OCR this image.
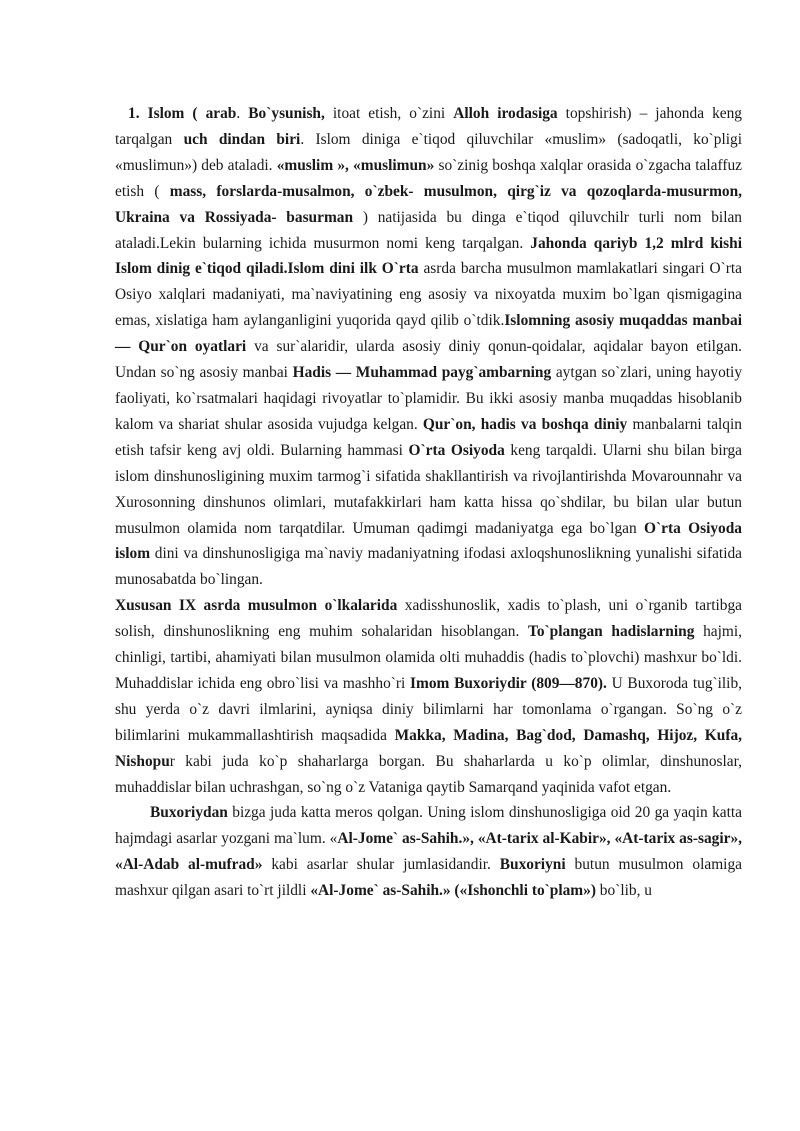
1. Islom ( arab. Bo`ysunish, itoat etish, o`zini Alloh irodasiga topshirish) – jahonda keng tarqalgan uch dindan biri. Islom diniga e`tiqod qiluvchilar «muslim» (sadoqatli, ko`pligi «muslimun») deb ataladi. «muslim », «muslimun» so`zinig boshqa xalqlar orasida o`zgacha talaffuz etish ( mass, forslarda-musalmon, o`zbek- musulmon, qirg`iz va qozoqlarda-musurmon, Ukraina va Rossiyada- basurman ) natijasida bu dinga e`tiqod qiluvchilr turli nom bilan ataladi.Lekin bularning ichida musurmon nomi keng tarqalgan. Jahonda qariyb 1,2 mlrd kishi Islom dinig e`tiqod qiladi.Islom dini ilk O`rta asrda barcha musulmon mamlakatlari singari O`rta Osiyo xalqlari madaniyati, ma`naviyatining eng asosiy va nixoyatda muxim bo`lgan qismigagina emas, xislatiga ham aylanganligini yuqorida qayd qilib o`tdik.Islomning asosiy muqaddas manbai — Qur`on oyatlari va sur`alaridir, ularda asosiy diniy qonun-qoidalar, aqidalar bayon etilgan. Undan so`ng asosiy manbai Hadis — Muhammad payg`ambarning aytgan so`zlari, uning hayotiy faoliyati, ko`rsatmalari haqidagi rivoyatlar to`plamidir. Bu ikki asosiy manba muqaddas hisoblanib kalom va shariat shular asosida vujudga kelgan. Qur`on, hadis va boshqa diniy manbalarni talqin etish tafsir keng avj oldi. Bularning hammasi O`rta Osiyoda keng tarqaldi. Ularni shu bilan birga islom dinshunosligining muxim tarmog`i sifatida shakllantirish va rivojlantirishda Movarounnahr va Xurosonning dinshunos olimlari, mutafakkirlari ham katta hissa qo`shdilar, bu bilan ular butun musulmon olamida nom tarqatdilar. Umuman qadimgi madaniyatga ega bo`lgan O`rta Osiyoda islom dini va dinshunosligiga ma`naviy madaniyatning ifodasi axloqshunoslikning yunalishi sifatida munosabatda bo`lingan.

Xususan IX asrda musulmon o`lkalarida xadisshunoslik, xadis to`plash, uni o`rganib tartibga solish, dinshunoslikning eng muhim sohalaridan hisoblangan. To`plangan hadislarning hajmi, chinligi, tartibi, ahamiyati bilan musulmon olamida olti muhaddis (hadis to`plovchi) mashxur bo`ldi. Muhaddislar ichida eng obro`lisi va mashho`ri Imom Buxoriydir (809—870). U Buxoroda tug`ilib, shu yerda o`z davri ilmlarini, ayniqsa diniy bilimlarni har tomonlama o`rgangan. So`ng o`z bilimlarini mukammallashtirish maqsadida Makka, Madina, Bag`dod, Damashq, Hijoz, Kufa, Nishopur kabi juda ko`p shaharlarga borgan. Bu shaharlarda u ko`p olimlar, dinshunoslar, muhaddislar bilan uchrashgan, so`ng o`z Vataniga qaytib Samarqand yaqinida vafot etgan.

Buxoriydan bizga juda katta meros qolgan. Uning islom dinshunosligiga oid 20 ga yaqin katta hajmdagi asarlar yozgani ma`lum. «Al-Jome` as-Sahih.», «At-tarix al-Kabir», «At-tarix as-sagir», «Al-Adab al-mufrad» kabi asarlar shular jumlasidandir. Buxoriyni butun musulmon olamiga mashxur qilgan asari to`rt jildli «Al-Jome` as-Sahih.» («Ishonchli to`plam») bo`lib, u
